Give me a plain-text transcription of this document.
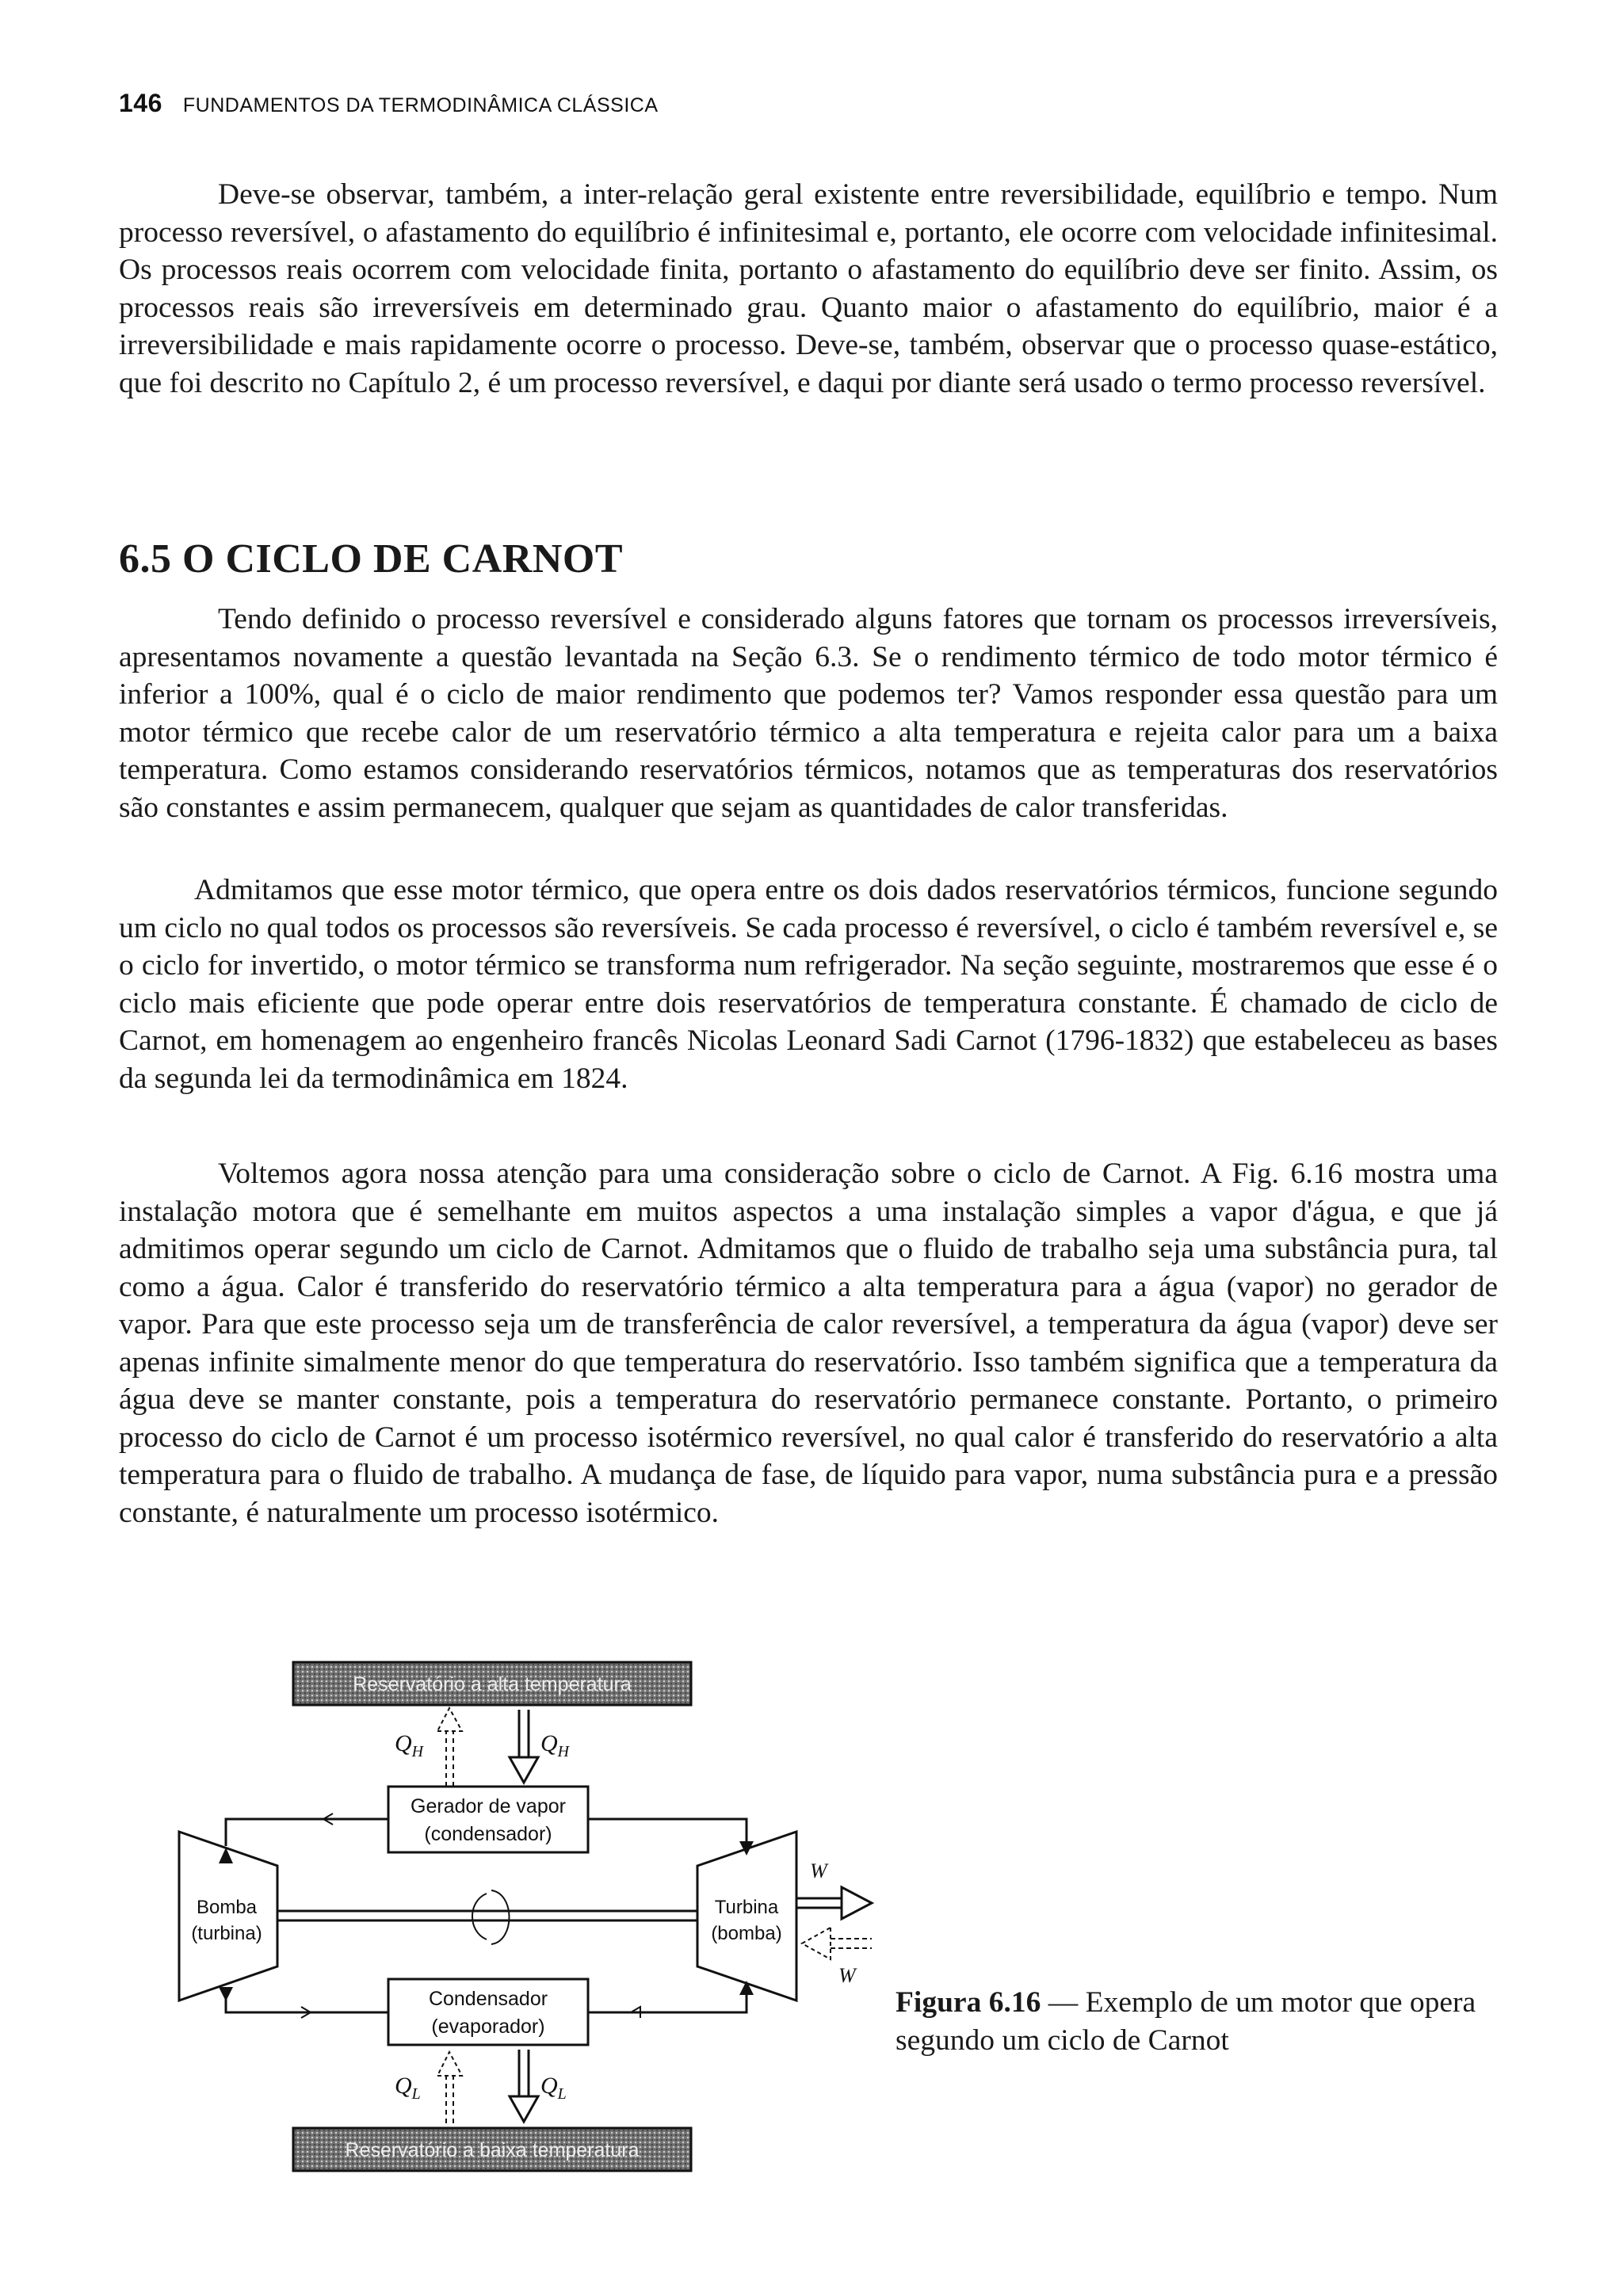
146 FUNDAMENTOS DA TERMODINÂMICA CLÁSSICA

Deve-se observar, também, a inter-relação geral existente entre reversibilidade, equilíbrio e tempo. Num processo reversível, o afastamento do equilíbrio é infinitesimal e, portanto, ele ocorre com velocidade infinitesimal. Os processos reais ocorrem com velocidade finita, portanto o afastamento do equilíbrio deve ser finito. Assim, os processos reais são irreversíveis em determinado grau. Quanto maior o afastamento do equilíbrio, maior é a irreversibilidade e mais rapidamente ocorre o processo. Deve-se, também, observar que o processo quase-estático, que foi descrito no Capítulo 2, é um processo reversível, e daqui por diante será usado o termo processo reversível.

6.5 O CICLO DE CARNOT

Tendo definido o processo reversível e considerado alguns fatores que tornam os processos irreversíveis, apresentamos novamente a questão levantada na Seção 6.3. Se o rendimento térmico de todo motor térmico é inferior a 100%, qual é o ciclo de maior rendimento que podemos ter? Vamos responder essa questão para um motor térmico que recebe calor de um reservatório térmico a alta temperatura e rejeita calor para um a baixa temperatura. Como estamos considerando reservatórios térmicos, notamos que as temperaturas dos reservatórios são constantes e assim permanecem, qualquer que sejam as quantidades de calor transferidas.

Admitamos que esse motor térmico, que opera entre os dois dados reservatórios térmicos, funcione segundo um ciclo no qual todos os processos são reversíveis. Se cada processo é reversível, o ciclo é também reversível e, se o ciclo for invertido, o motor térmico se transforma num refrigerador. Na seção seguinte, mostraremos que esse é o ciclo mais eficiente que pode operar entre dois reservatórios de temperatura constante. É chamado de ciclo de Carnot, em homenagem ao engenheiro francês Nicolas Leonard Sadi Carnot (1796-1832) que estabeleceu as bases da segunda lei da termodinâmica em 1824.

Voltemos agora nossa atenção para uma consideração sobre o ciclo de Carnot. A Fig. 6.16 mostra uma instalação motora que é semelhante em muitos aspectos a uma instalação simples a vapor d'água, e que já admitimos operar segundo um ciclo de Carnot. Admitamos que o fluido de trabalho seja uma substância pura, tal como a água. Calor é transferido do reservatório térmico a alta temperatura para a água (vapor) no gerador de vapor. Para que este processo seja um de transferência de calor reversível, a temperatura da água (vapor) deve ser apenas infinite simalmente menor do que temperatura do reservatório. Isso também significa que a temperatura da água deve se manter constante, pois a temperatura do reservatório permanece constante. Portanto, o primeiro processo do ciclo de Carnot é um processo isotérmico reversível, no qual calor é transferido do reservatório a alta temperatura para o fluido de trabalho. A mudança de fase, de líquido para vapor, numa substância pura e a pressão constante, é naturalmente um processo isotérmico.

Reservatório a alta temperatura
Reservatório a baixa temperatura
$Q_H$	$Q_H$
Gerador de vapor
(condensador)
Condensador
(evaporador)
$Q_L$	$Q_L$
Bomba
(turbina)
Turbina
(bomba)
W
W
Figura 6.16 — Exemplo de um motor que opera segundo um ciclo de Carnot
